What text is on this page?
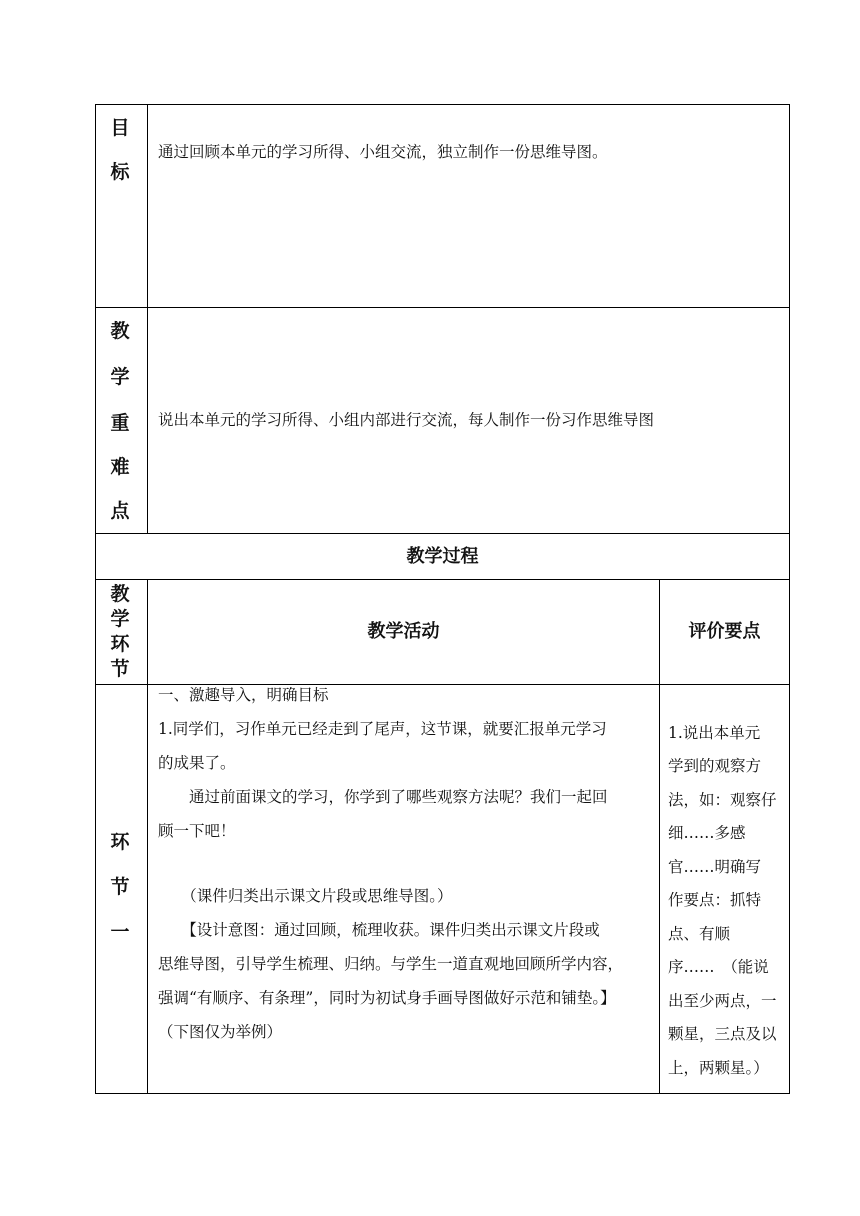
目
标
通过回顾本单元的学习所得、小组交流，独立制作一份思维导图。
教
学
重
难
点
说出本单元的学习所得、小组内部进行交流，每人制作一份习作思维导图
教学过程
教
学
环
节
教学活动	评价要点
环
节
一
一、激趣导入，明确目标
1.同学们，习作单元已经走到了尾声，这节课，就要汇报单元学习
的成果了。
　　通过前面课文的学习，你学到了哪些观察方法呢？我们一起回
顾一下吧！
　　（课件归类出示课文片段或思维导图。）
　　【设计意图：通过回顾，梳理收获。课件归类出示课文片段或
思维导图，引导学生梳理、归纳。与学生一道直观地回顾所学内容，
强调“有顺序、有条理”，同时为初试身手画导图做好示范和铺垫。】
（下图仅为举例）
1.说出本单元
学到的观察方
法，如：观察仔
细……多感
官……明确写
作要点：抓特
点、有顺
序……　（能说
出至少两点，一
颗星，三点及以
上，两颗星。）
